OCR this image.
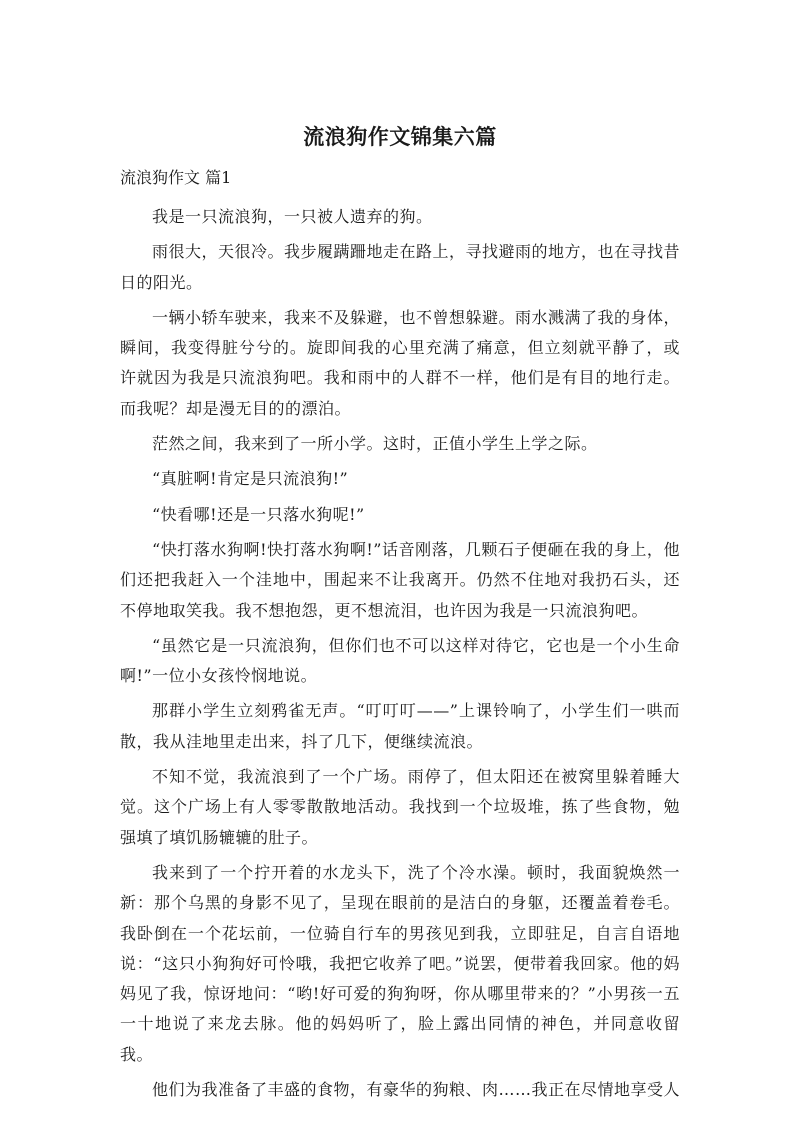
流浪狗作文锦集六篇
流浪狗作文 篇1

我是一只流浪狗，一只被人遗弃的狗。

雨很大，天很冷。我步履蹒跚地走在路上，寻找避雨的地方，也在寻找昔日的阳光。

一辆小轿车驶来，我来不及躲避，也不曾想躲避。雨水溅满了我的身体，瞬间，我变得脏兮兮的。旋即间我的心里充满了痛意，但立刻就平静了，或许就因为我是只流浪狗吧。我和雨中的人群不一样，他们是有目的地行走。而我呢？却是漫无目的的漂泊。

茫然之间，我来到了一所小学。这时，正值小学生上学之际。

“真脏啊!肯定是只流浪狗!”

“快看哪!还是一只落水狗呢!”

“快打落水狗啊!快打落水狗啊!”话音刚落，几颗石子便砸在我的身上，他们还把我赶入一个洼地中，围起来不让我离开。仍然不住地对我扔石头，还不停地取笑我。我不想抱怨，更不想流泪，也许因为我是一只流浪狗吧。

“虽然它是一只流浪狗，但你们也不可以这样对待它，它也是一个小生命啊!”一位小女孩怜悯地说。

那群小学生立刻鸦雀无声。“叮叮叮——”上课铃响了，小学生们一哄而散，我从洼地里走出来，抖了几下，便继续流浪。

不知不觉，我流浪到了一个广场。雨停了，但太阳还在被窝里躲着睡大觉。这个广场上有人零零散散地活动。我找到一个垃圾堆，拣了些食物，勉强填了填饥肠辘辘的肚子。

我来到了一个拧开着的水龙头下，洗了个冷水澡。顿时，我面貌焕然一新：那个乌黑的身影不见了，呈现在眼前的是洁白的身躯，还覆盖着卷毛。我卧倒在一个花坛前，一位骑自行车的男孩见到我，立即驻足，自言自语地说：“这只小狗狗好可怜哦，我把它收养了吧。”说罢，便带着我回家。他的妈妈见了我，惊讶地问：“哟!好可爱的狗狗呀，你从哪里带来的？”小男孩一五一十地说了来龙去脉。他的妈妈听了，脸上露出同情的神色，并同意收留我。

他们为我准备了丰盛的食物，有豪华的狗粮、肉……我正在尽情地享受人
